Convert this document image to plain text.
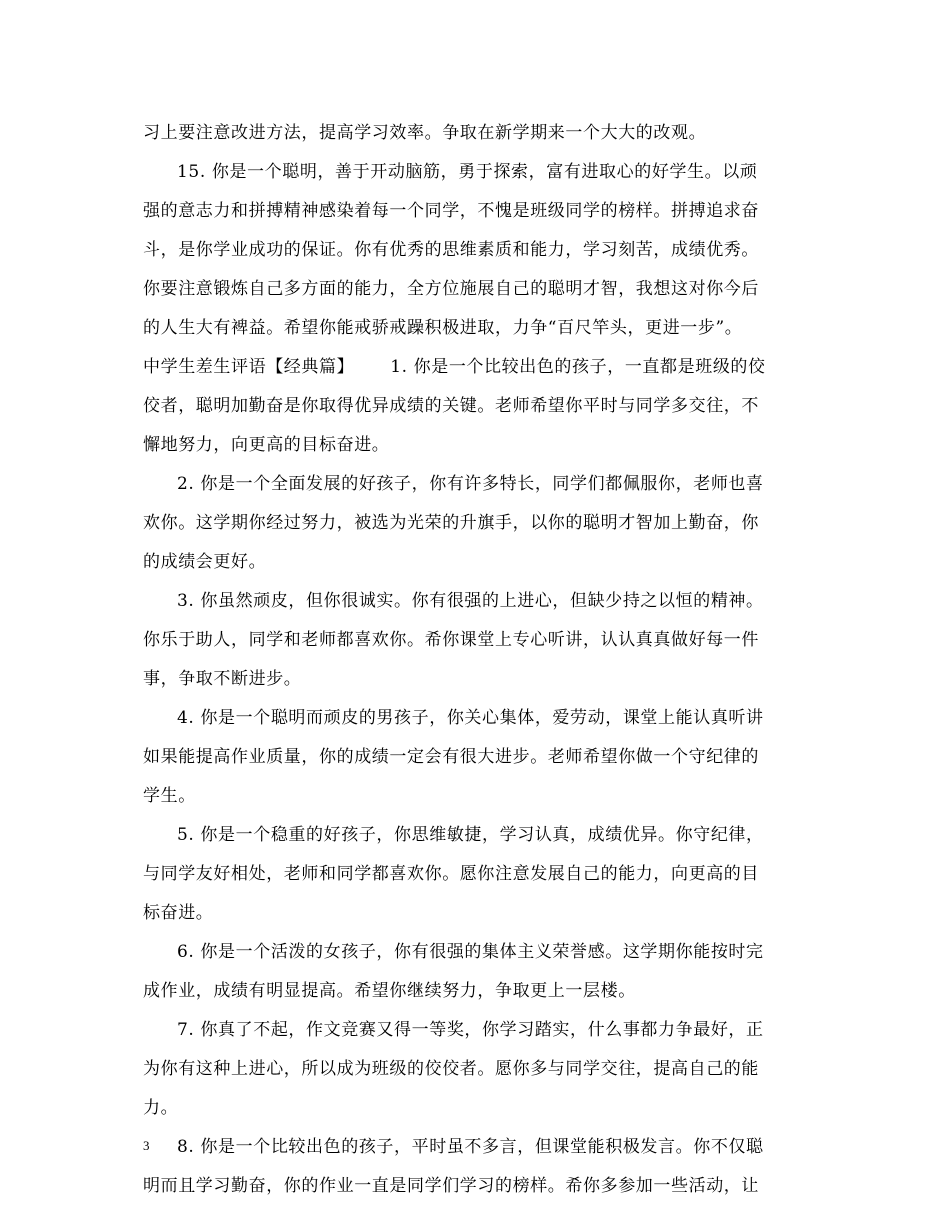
习上要注意改进方法，提高学习效率。争取在新学期来一个大大的改观。
15. 你是一个聪明，善于开动脑筋，勇于探索，富有进取心的好学生。以顽
强的意志力和拼搏精神感染着每一个同学，不愧是班级同学的榜样。拼搏追求奋
斗，是你学业成功的保证。你有优秀的思维素质和能力，学习刻苦，成绩优秀。
你要注意锻炼自己多方面的能力，全方位施展自己的聪明才智，我想这对你今后
的人生大有裨益。希望你能戒骄戒躁积极进取，力争“百尺竿头，更进一步”。
中学生差生评语【经典篇】 1. 你是一个比较出色的孩子，一直都是班级的佼
佼者，聪明加勤奋是你取得优异成绩的关键。老师希望你平时与同学多交往，不
懈地努力，向更高的目标奋进。
2. 你是一个全面发展的好孩子，你有许多特长，同学们都佩服你，老师也喜
欢你。这学期你经过努力，被选为光荣的升旗手，以你的聪明才智加上勤奋，你
的成绩会更好。
3. 你虽然顽皮，但你很诚实。你有很强的上进心，但缺少持之以恒的精神。
你乐于助人，同学和老师都喜欢你。希你课堂上专心听讲，认认真真做好每一件
事，争取不断进步。
4. 你是一个聪明而顽皮的男孩子，你关心集体，爱劳动，课堂上能认真听讲
如果能提高作业质量，你的成绩一定会有很大进步。老师希望你做一个守纪律的
学生。
5. 你是一个稳重的好孩子，你思维敏捷，学习认真，成绩优异。你守纪律，
与同学友好相处，老师和同学都喜欢你。愿你注意发展自己的能力，向更高的目
标奋进。
6. 你是一个活泼的女孩子，你有很强的集体主义荣誉感。这学期你能按时完
成作业，成绩有明显提高。希望你继续努力，争取更上一层楼。
7. 你真了不起，作文竞赛又得一等奖，你学习踏实，什么事都力争最好，正
为你有这种上进心，所以成为班级的佼佼者。愿你多与同学交往，提高自己的能
力。
8. 你是一个比较出色的孩子，平时虽不多言，但课堂能积极发言。你不仅聪
明而且学习勤奋，你的作业一直是同学们学习的榜样。希你多参加一些活动，让
3
